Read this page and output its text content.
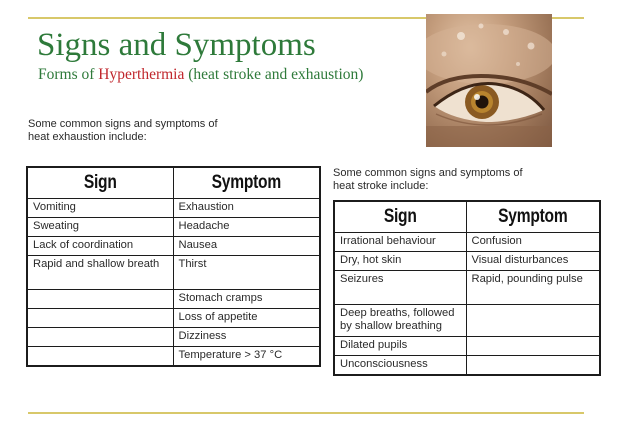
Signs and Symptoms
Forms of Hyperthermia (heat stroke and exhaustion)
Some common signs and symptoms of heat exhaustion include:
Sign	Symptom
Vomiting	Exhaustion
Sweating	Headache
Lack of coordination	Nausea
Rapid and shallow breath	Thirst
	Stomach cramps
	Loss of appetite
	Dizziness
	Temperature > 37 °C
Some common signs and symptoms of heat stroke include:
Sign	Symptom
Irrational behaviour	Confusion
Dry, hot skin	Visual disturbances
Seizures	Rapid, pounding pulse
Deep breaths, followed by shallow breathing	
Dilated pupils	
Unconsciousness	
